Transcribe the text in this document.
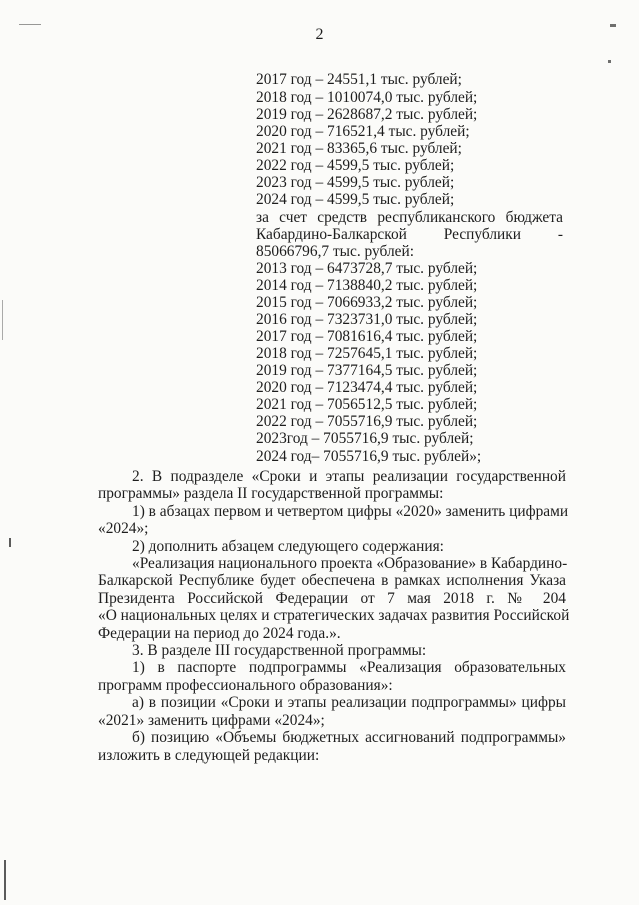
2
2017 год – 24551,1 тыс. рублей;
2018 год – 1010074,0 тыс. рублей;
2019 год – 2628687,2 тыс. рублей;
2020 год – 716521,4 тыс. рублей;
2021 год – 83365,6 тыс. рублей;
2022 год – 4599,5 тыс. рублей;
2023 год – 4599,5 тыс. рублей;
2024 год – 4599,5 тыс. рублей;
за счет средств республиканского бюджета
Кабардино-Балкарской Республики -
85066796,7 тыс. рублей:
2013 год – 6473728,7 тыс. рублей;
2014 год – 7138840,2 тыс. рублей;
2015 год – 7066933,2 тыс. рублей;
2016 год – 7323731,0 тыс. рублей;
2017 год – 7081616,4 тыс. рублей;
2018 год – 7257645,1 тыс. рублей;
2019 год – 7377164,5 тыс. рублей;
2020 год – 7123474,4 тыс. рублей;
2021 год – 7056512,5 тыс. рублей;
2022 год – 7055716,9 тыс. рублей;
2023год – 7055716,9 тыс. рублей;
2024 год– 7055716,9 тыс. рублей»;
2. В подразделе «Сроки и этапы реализации государственной
программы» раздела II государственной программы:
1) в абзацах первом и четвертом цифры «2020» заменить цифрами
«2024»;
2) дополнить абзацем следующего содержания:
«Реализация национального проекта «Образование» в Кабардино-
Балкарской Республике будет обеспечена в рамках исполнения Указа
Президента Российской Федерации от 7 мая 2018 г. № 204
«О национальных целях и стратегических задачах развития Российской
Федерации на период до 2024 года.».
3. В разделе III государственной программы:
1) в паспорте подпрограммы «Реализация образовательных
программ профессионального образования»:
а) в позиции «Сроки и этапы реализации подпрограммы» цифры
«2021» заменить цифрами «2024»;
б) позицию «Объемы бюджетных ассигнований подпрограммы»
изложить в следующей редакции:
